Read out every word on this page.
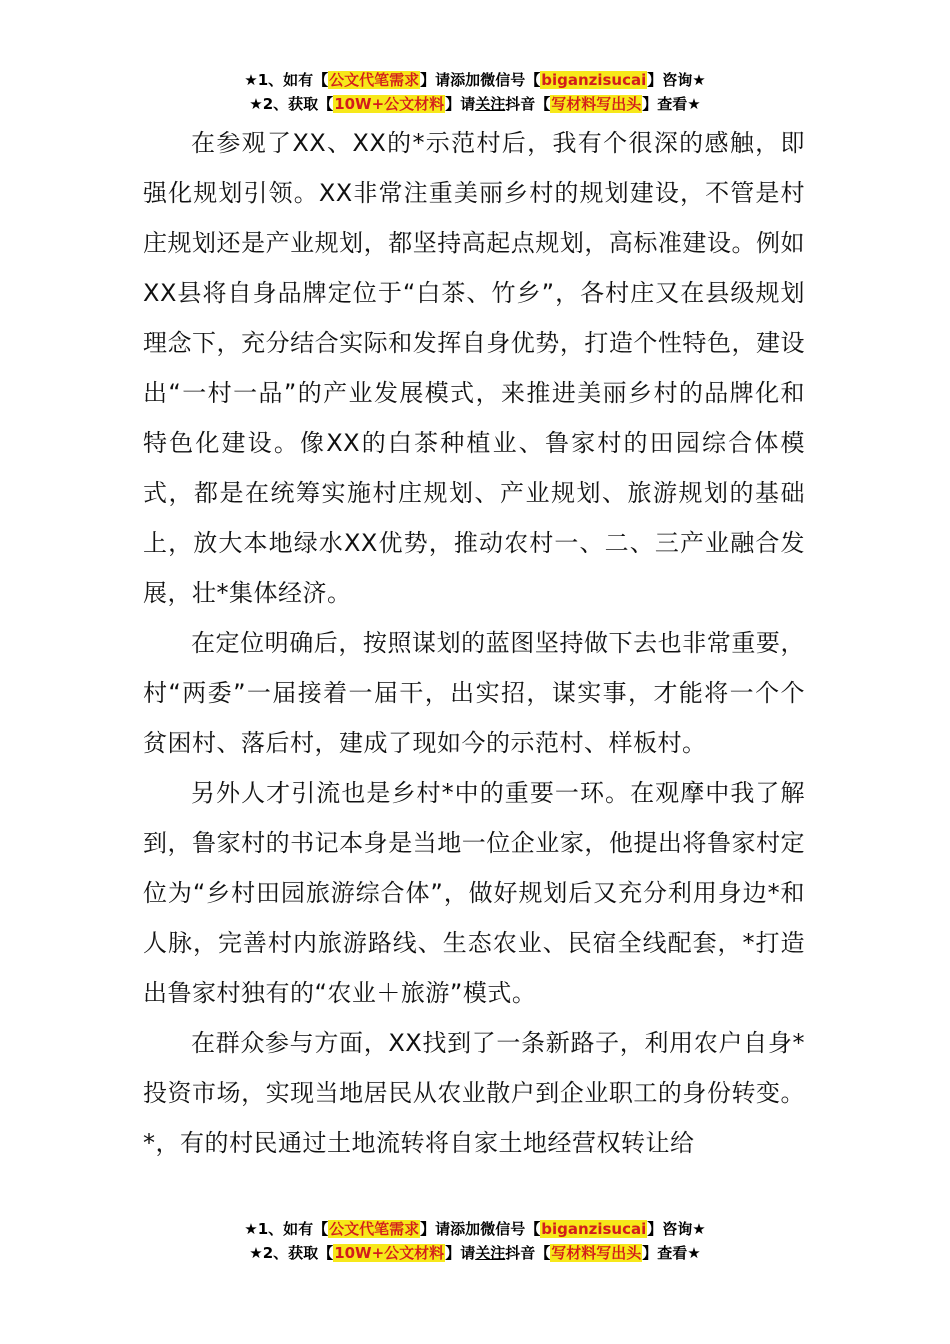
★1、如有【公文代笔需求】请添加微信号【biganzisucai】咨询★
★2、获取【10W+公文材料】请关注抖音【写材料写出头】查看★

在参观了XX、XX的*示范村后，我有个很深的感触，即强化规划引领。XX非常注重美丽乡村的规划建设，不管是村庄规划还是产业规划，都坚持高起点规划，高标准建设。例如XX县将自身品牌定位于“白茶、竹乡”，各村庄又在县级规划理念下，充分结合实际和发挥自身优势，打造个性特色，建设出“一村一品”的产业发展模式，来推进美丽乡村的品牌化和特色化建设。像XX的白茶种植业、鲁家村的田园综合体模式，都是在统筹实施村庄规划、产业规划、旅游规划的基础上，放大本地绿水XX优势，推动农村一、二、三产业融合发展，壮*集体经济。

在定位明确后，按照谋划的蓝图坚持做下去也非常重要，村“两委”一届接着一届干，出实招，谋实事，才能将一个个贫困村、落后村，建成了现如今的示范村、样板村。

另外人才引流也是乡村*中的重要一环。在观摩中我了解到，鲁家村的书记本身是当地一位企业家，他提出将鲁家村定位为“乡村田园旅游综合体”，做好规划后又充分利用身边*和人脉，完善村内旅游路线、生态农业、民宿全线配套，*打造出鲁家村独有的“农业＋旅游”模式。

在群众参与方面，XX找到了一条新路子，利用农户自身*投资市场，实现当地居民从农业散户到企业职工的身份转变。*，有的村民通过土地流转将自家土地经营权转让给

★1、如有【公文代笔需求】请添加微信号【biganzisucai】咨询★
★2、获取【10W+公文材料】请关注抖音【写材料写出头】查看★
